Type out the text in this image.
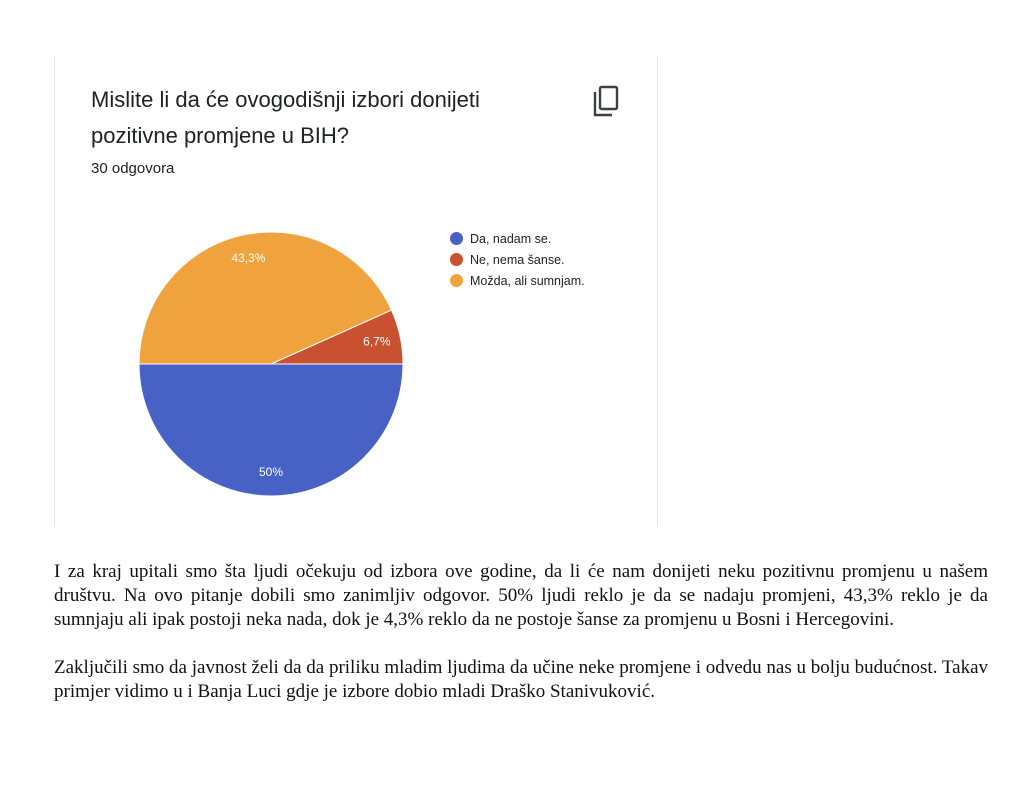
Mislite li da će ovogodišnji izbori donijeti pozitivne promjene u BIH?
30 odgovora
50%
6,7%
43,3%
Da, nadam se.
Ne, nema šanse.
Možda, ali sumnjam.

I za kraj upitali smo šta ljudi očekuju od izbora ove godine, da li će nam donijeti neku pozitivnu promjenu u našem društvu. Na ovo pitanje dobili smo zanimljiv odgovor. 50% ljudi reklo je da se nadaju promjeni, 43,3% reklo je da sumnjaju ali ipak postoji neka nada, dok je 4,3% reklo da ne postoje šanse za promjenu u Bosni i Hercegovini.

Zaključili smo da javnost želi da da priliku mladim ljudima da učine neke promjene i odvedu nas u bolju budućnost. Takav primjer vidimo u i Banja Luci gdje je izbore dobio mladi Draško Stanivuković.
